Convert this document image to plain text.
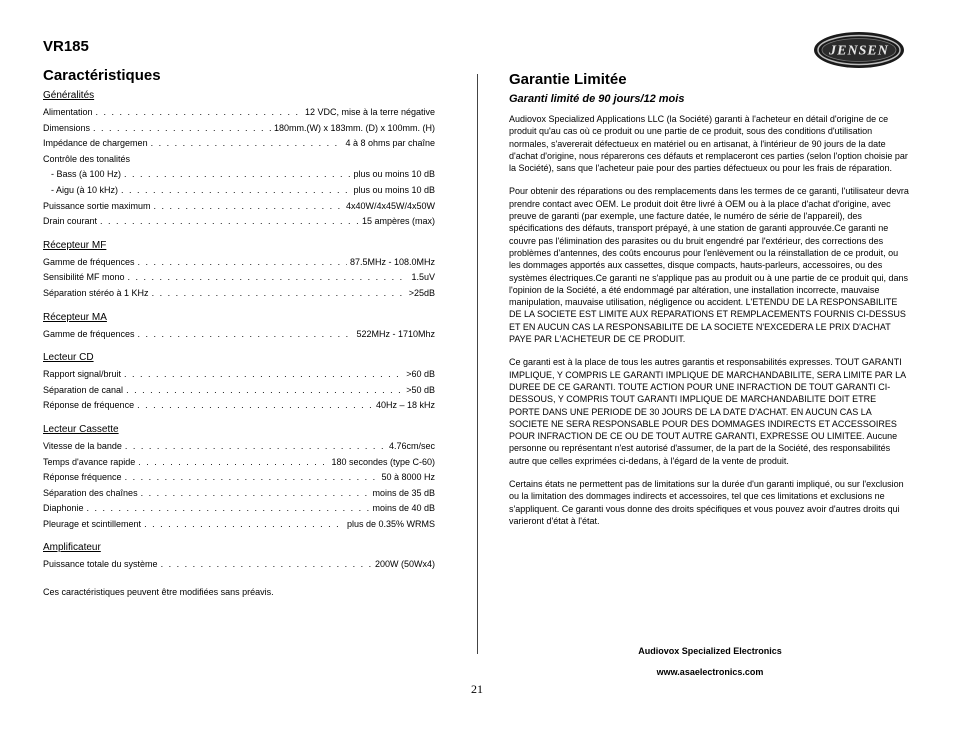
VR185	JENSEN
Caractéristiques
Généralités
Alimentation . . .	12 VDC, mise à la terre négative
Dimensions . . .	180mm.(W) x 183mm. (D) x 100mm. (H)
Impédance de chargemen . . .	4 à 8 ohms par chaîne
Contrôle des tonalités
- Bass (à 100 Hz) . . .	plus ou moins 10 dB
- Aigu (à 10 kHz) . . .	plus ou moins 10 dB
Puissance sortie maximum . . .	4x40W/4x45W/4x50W
Drain courant . . .	15 ampères (max)
Récepteur MF
Gamme de fréquences . . .	87.5MHz - 108.0MHz
Sensibilité MF mono . . .	1.5uV
Séparation stéréo à 1 KHz . . .	>25dB
Récepteur MA
Gamme de fréquences . . .	522MHz - 1710Mhz
Lecteur CD
Rapport signal/bruit . . .	>60 dB
Séparation de canal . . .	>50 dB
Réponse de fréquence . . .	40Hz – 18 kHz
Lecteur Cassette
Vitesse de la bande . . .	4.76cm/sec
Temps d'avance rapide . . .	180 secondes (type C-60)
Réponse fréquence . . .	50 à 8000 Hz
Séparation des chaînes . . .	moins de 35 dB
Diaphonie . . .	moins de 40 dB
Pleurage et scintillement . . .	plus de 0.35% WRMS
Amplificateur
Puissance totale du système . . .	200W (50Wx4)
Ces caractéristiques peuvent être modifiées sans préavis.
Garantie Limitée
Garanti limité de 90 jours/12 mois

Audiovox Specialized Applications LLC (la Société) garanti à l'acheteur en détail d'origine de ce produit qu'au cas où ce produit ou une partie de ce produit, sous des conditions d'utilisation normales, s'avererait défectueux en matériel ou en artisanat, à l'intérieur de 90 jours de la date d'achat d'origine, nous réparerons ces défauts et remplaceront ces parties (selon l'option choisie par la Société), sans que l'acheteur paie pour des parties défectueux ou pour les frais de réparation.

Pour obtenir des réparations ou des remplacements dans les termes de ce garanti, l'utilisateur devra prendre contact avec OEM. Le produit doit être livré à OEM ou à la place d'achat d'origine, avec preuve de garanti (par exemple, une facture datée, le numéro de série de l'appareil), des spécifications des défauts, transport prépayé, à une station de garanti approuvée.Ce garanti ne couvre pas l'élimination des parasites ou du bruit engendré par l'extérieur, des corrections des problèmes d'antennes, des coûts encourus pour l'enlèvement ou la réinstallation de ce produit, ou les dommages apportés aux cassettes, disque compacts, hauts-parleurs, accessoires, ou des systèmes électriques.Ce garanti ne s'applique pas au produit ou à une partie de ce produit qui, dans l'opinion de la Société, a été endommagé par altération, une installation incorrecte, mauvaise manipulation, mauvaise utilisation, négligence ou accident. L'ETENDU DE LA RESPONSABILITE DE LA SOCIETE EST LIMITE AUX REPARATIONS ET REMPLACEMENTS FOURNIS CI-DESSUS ET EN AUCUN CAS LA RESPONSABILITE DE LA SOCIETE N'EXCEDERA LE PRIX D'ACHAT PAYE PAR L'ACHETEUR DE CE PRODUIT.

Ce garanti est à la place de tous les autres garantis et responsabilités expresses. TOUT GARANTI IMPLIQUE, Y COMPRIS LE GARANTI IMPLIQUE DE MARCHANDABILITE, SERA LIMITE PAR LA DUREE DE CE GARANTI. TOUTE ACTION POUR UNE INFRACTION DE TOUT GARANTI CI-DESSOUS, Y COMPRIS TOUT GARANTI IMPLIQUE DE MARCHANDABILITE DOIT ETRE PORTE DANS UNE PERIODE DE 30 JOURS DE LA DATE D'ACHAT. EN AUCUN CAS LA SOCIETE NE SERA RESPONSABLE POUR DES DOMMAGES INDIRECTS ET ACCESSOIRES POUR INFRACTION DE CE OU DE TOUT AUTRE GARANTI, EXPRESSE OU LIMITEE. Aucune personne ou représentant n'est autorisé d'assumer, de la part de la Société, des responsabilités autre que celles exprimées ci-dedans, à l'égard de la vente de produit.

Certains états ne permettent pas de limitations sur la durée d'un garanti impliqué, ou sur l'exclusion ou la limitation des dommages indirects et accessoires, tel que ces limitations et exclusions ne s'appliquent. Ce garanti vous donne des droits spécifiques et vous pouvez avoir d'autres droits qui varieront d'état à l'état.

Audiovox Specialized Electronics
www.asaelectronics.com
21
